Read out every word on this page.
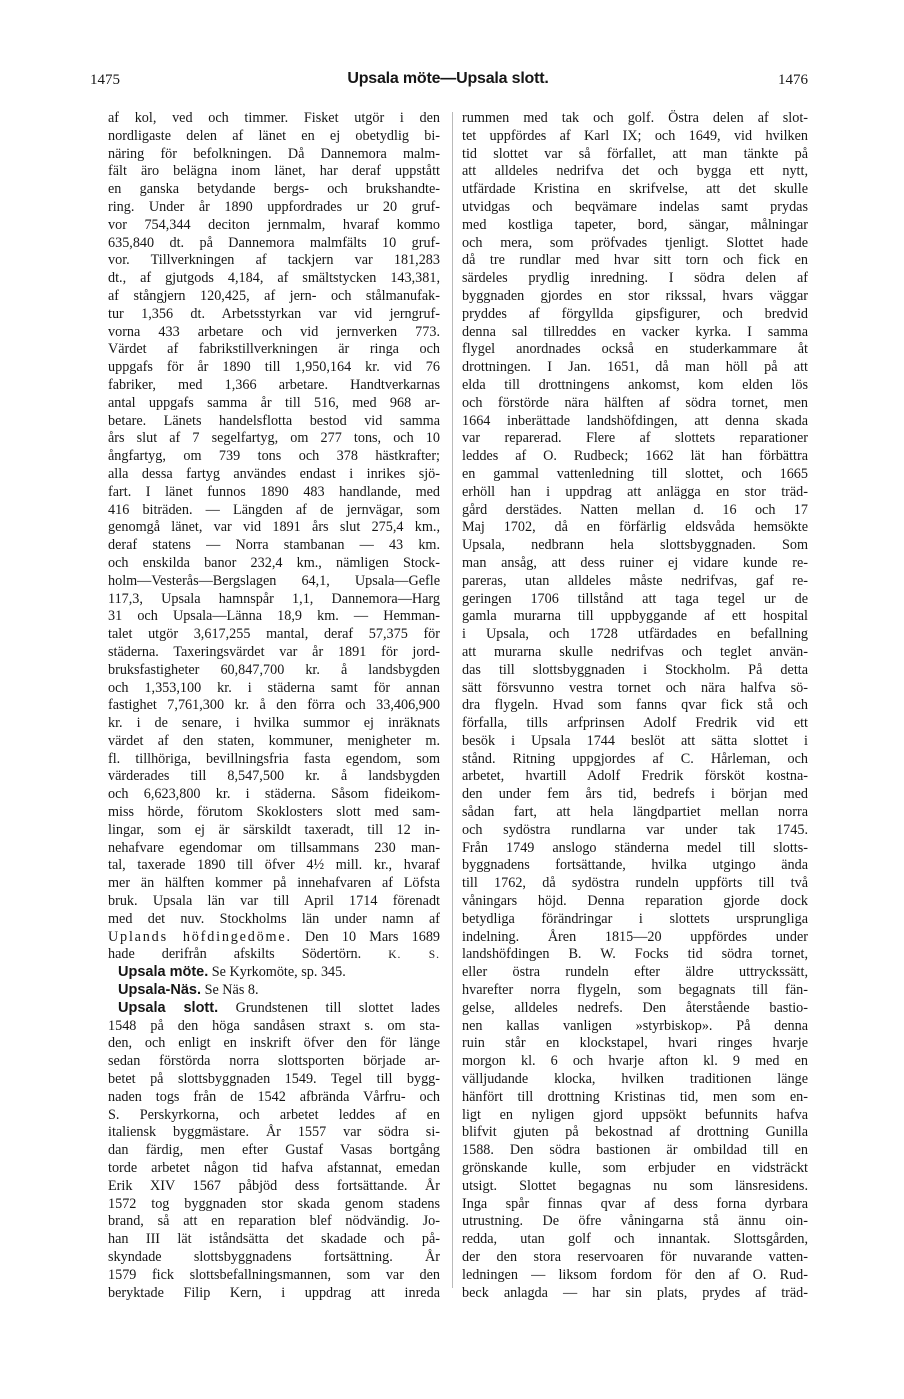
1475	Upsala möte—Upsala slott.	1476
af kol, ved och timmer. Fisket utgör i den
nordligaste delen af länet en ej obetydlig bi-
näring för befolkningen. Då Dannemora malm-
fält äro belägna inom länet, har deraf uppstått
en ganska betydande bergs- och brukshandte-
ring. Under år 1890 uppfordrades ur 20 gruf-
vor 754,344 deciton jernmalm, hvaraf kommo
635,840 dt. på Dannemora malmfälts 10 gruf-
vor. Tillverkningen af tackjern var 181,283
dt., af gjutgods 4,184, af smältstycken 143,381,
af stångjern 120,425, af jern- och stålmanufak-
tur 1,356 dt. Arbetsstyrkan var vid jerngruf-
vorna 433 arbetare och vid jernverken 773.
Värdet af fabrikstillverkningen är ringa och
uppgafs för år 1890 till 1,950,164 kr. vid 76
fabriker, med 1,366 arbetare. Handtverkarnas
antal uppgafs samma år till 516, med 968 ar-
betare. Länets handelsflotta bestod vid samma
års slut af 7 segelfartyg, om 277 tons, och 10
ångfartyg, om 739 tons och 378 hästkrafter;
alla dessa fartyg användes endast i inrikes sjö-
fart. I länet funnos 1890 483 handlande, med
416 biträden. — Längden af de jernvägar, som
genomgå länet, var vid 1891 års slut 275,4 km.,
deraf statens — Norra stambanan — 43 km.
och enskilda banor 232,4 km., nämligen Stock-
holm—Vesterås—Bergslagen 64,1, Upsala—Gefle
117,3, Upsala hamnspår 1,1, Dannemora—Harg
31 och Upsala—Länna 18,9 km. — Hemman-
talet utgör 3,617,255 mantal, deraf 57,375 för
städerna. Taxeringsvärdet var år 1891 för jord-
bruksfastigheter 60,847,700 kr. å landsbygden
och 1,353,100 kr. i städerna samt för annan
fastighet 7,761,300 kr. å den förra och 33,406,900
kr. i de senare, i hvilka summor ej inräknats
värdet af den staten, kommuner, menigheter m.
fl. tillhöriga, bevillningsfria fasta egendom, som
värderades till 8,547,500 kr. å landsbygden
och 6,623,800 kr. i städerna. Såsom fideikom-
miss hörde, förutom Skoklosters slott med sam-
lingar, som ej är särskildt taxeradt, till 12 in-
nehafvare egendomar om tillsammans 230 man-
tal, taxerade 1890 till öfver 4½ mill. kr., hvaraf
mer än hälften kommer på innehafvaren af Löfsta
bruk. Upsala län var till April 1714 förenadt
med det nuv. Stockholms län under namn af
Uplands höfdingedöme. Den 10 Mars 1689
hade derifrån afskilts Södertörn. K. S.
Upsala möte. Se Kyrkomöte, sp. 345.
Upsala-Näs. Se Näs 8.
Upsala slott. Grundstenen till slottet lades
1548 på den höga sandåsen straxt s. om sta-
den, och enligt en inskrift öfver den för länge
sedan förstörda norra slottsporten började ar-
betet på slottsbyggnaden 1549. Tegel till bygg-
naden togs från de 1542 afbrända Vårfru- och
S. Perskyrkorna, och arbetet leddes af en
italiensk byggmästare. År 1557 var södra si-
dan färdig, men efter Gustaf Vasas bortgång
torde arbetet någon tid hafva afstannat, emedan
Erik XIV 1567 påbjöd dess fortsättande. År
1572 tog byggnaden stor skada genom stadens
brand, så att en reparation blef nödvändig. Jo-
han III lät iståndsätta det skadade och på-
skyndade slottsbyggnadens fortsättning. År
1579 fick slottsbefallningsmannen, som var den
beryktade Filip Kern, i uppdrag att inreda
rummen med tak och golf. Östra delen af slot-
tet uppfördes af Karl IX; och 1649, vid hvilken
tid slottet var så förfallet, att man tänkte på
att alldeles nedrifva det och bygga ett nytt,
utfärdade Kristina en skrifvelse, att det skulle
utvidgas och beqvämare indelas samt prydas
med kostliga tapeter, bord, sängar, målningar
och mera, som pröfvades tjenligt. Slottet hade
då tre rundlar med hvar sitt torn och fick en
särdeles prydlig inredning. I södra delen af
byggnaden gjordes en stor rikssal, hvars väggar
pryddes af förgyllda gipsfigurer, och bredvid
denna sal tillreddes en vacker kyrka. I samma
flygel anordnades också en studerkammare åt
drottningen. I Jan. 1651, då man höll på att
elda till drottningens ankomst, kom elden lös
och förstörde nära hälften af södra tornet, men
1664 inberättade landshöfdingen, att denna skada
var reparerad. Flere af slottets reparationer
leddes af O. Rudbeck; 1662 lät han förbättra
en gammal vattenledning till slottet, och 1665
erhöll han i uppdrag att anlägga en stor träd-
gård derstädes. Natten mellan d. 16 och 17
Maj 1702, då en förfärlig eldsvåda hemsökte
Upsala, nedbrann hela slottsbyggnaden. Som
man ansåg, att dess ruiner ej vidare kunde re-
pareras, utan alldeles måste nedrifvas, gaf re-
geringen 1706 tillstånd att taga tegel ur de
gamla murarna till uppbyggande af ett hospital
i Upsala, och 1728 utfärdades en befallning
att murarna skulle nedrifvas och teglet använ-
das till slottsbyggnaden i Stockholm. På detta
sätt försvunno vestra tornet och nära halfva sö-
dra flygeln. Hvad som fanns qvar fick stå och
förfalla, tills arfprinsen Adolf Fredrik vid ett
besök i Upsala 1744 beslöt att sätta slottet i
stånd. Ritning uppgjordes af C. Hårleman, och
arbetet, hvartill Adolf Fredrik försköt kostna-
den under fem års tid, bedrefs i början med
sådan fart, att hela längdpartiet mellan norra
och sydöstra rundlarna var under tak 1745.
Från 1749 anslogo ständerna medel till slotts-
byggnadens fortsättande, hvilka utgingo ända
till 1762, då sydöstra rundeln uppförts till två
våningars höjd. Denna reparation gjorde dock
betydliga förändringar i slottets ursprungliga
indelning. Åren 1815—20 uppfördes under
landshöfdingen B. W. Focks tid södra tornet,
eller östra rundeln efter äldre uttryckssätt,
hvarefter norra flygeln, som begagnats till fän-
gelse, alldeles nedrefs. Den återstående bastio-
nen kallas vanligen »styrbiskop». På denna
ruin står en klockstapel, hvari ringes hvarje
morgon kl. 6 och hvarje afton kl. 9 med en
välljudande klocka, hvilken traditionen länge
hänfört till drottning Kristinas tid, men som en-
ligt en nyligen gjord uppsökt befunnits hafva
blifvit gjuten på bekostnad af drottning Gunilla
1588. Den södra bastionen är ombildad till en
grönskande kulle, som erbjuder en vidsträckt
utsigt. Slottet begagnas nu som länsresidens.
Inga spår finnas qvar af dess forna dyrbara
utrustning. De öfre våningarna stå ännu oin-
redda, utan golf och innantak. Slottsgården,
der den stora reservoaren för nuvarande vatten-
ledningen — liksom fordom för den af O. Rud-
beck anlagda — har sin plats, prydes af träd-
